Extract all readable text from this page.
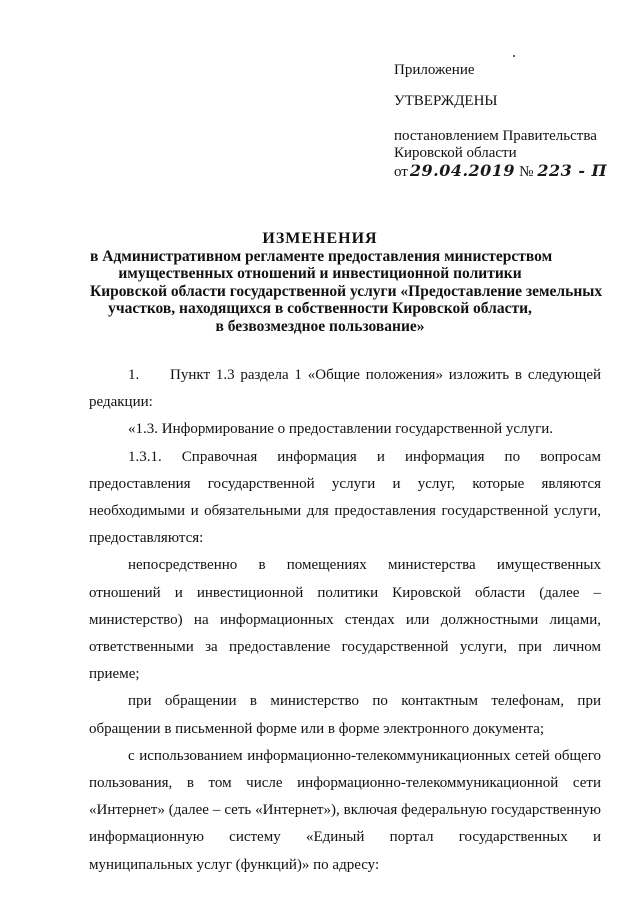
Приложение
УТВЕРЖДЕНЫ
постановлением Правительства
Кировской области
от 29.04.2019 № 223 - П
ИЗМЕНЕНИЯ
в Административном регламенте предоставления министерством
имущественных отношений и инвестиционной политики
Кировской области государственной услуги «Предоставление земельных
участков, находящихся в собственности Кировской области,
в безвозмездное пользование»

1. Пункт 1.3 раздела 1 «Общие положения» изложить в следующей редакции:

«1.3. Информирование о предоставлении государственной услуги.

1.3.1. Справочная информация и информация по вопросам предоставления государственной услуги и услуг, которые являются необходимыми и обязательными для предоставления государственной услуги, предоставляются:

непосредственно в помещениях министерства имущественных отношений и инвестиционной политики Кировской области (далее – министерство) на информационных стендах или должностными лицами, ответственными за предоставление государственной услуги, при личном приеме;

при обращении в министерство по контактным телефонам, при обращении в письменной форме или в форме электронного документа;

с использованием информационно-телекоммуникационных сетей общего пользования, в том числе информационно-телекоммуникационной сети «Интернет» (далее – сеть «Интернет»), включая федеральную государственную информационную систему «Единый портал государственных и муниципальных услуг (функций)» по адресу:
